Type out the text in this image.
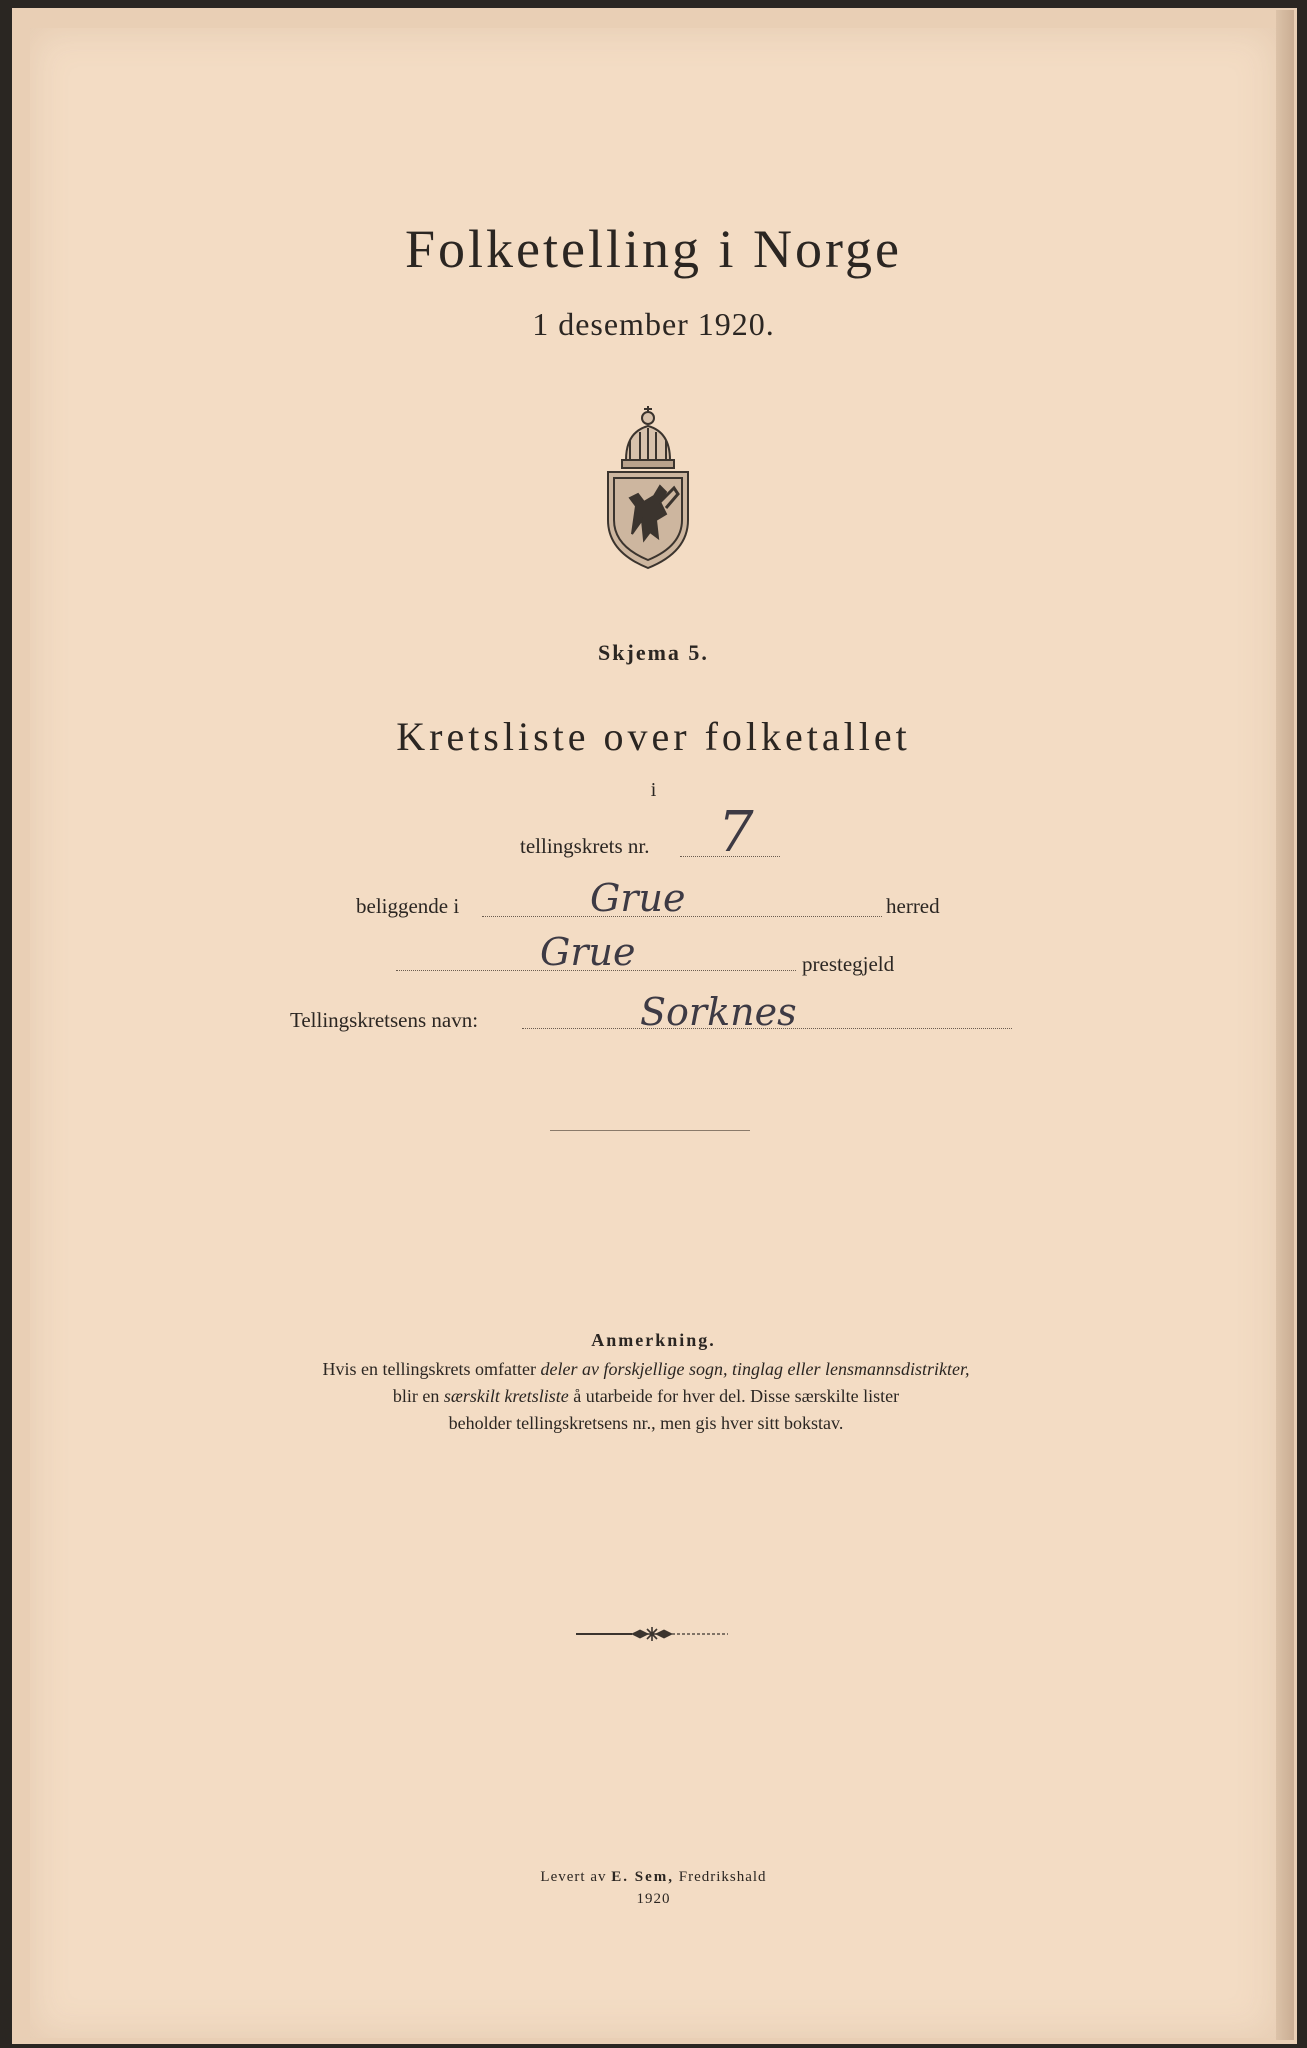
Folketelling i Norge
1 desember 1920.
Skjema 5.
Kretsliste over folketallet
i
tellingskrets nr. 7
beliggende i	Grue	herred
Grue	prestegjeld
Tellingskretsens navn:	Sorknes
Anmerkning.
Hvis en tellingskrets omfatter deler av forskjellige sogn, tinglag eller lensmannsdistrikter,
blir en særskilt kretsliste å utarbeide for hver del. Disse særskilte lister
beholder tellingskretsens nr., men gis hver sitt bokstav.
Levert av E. Sem, Fredrikshald
1920
